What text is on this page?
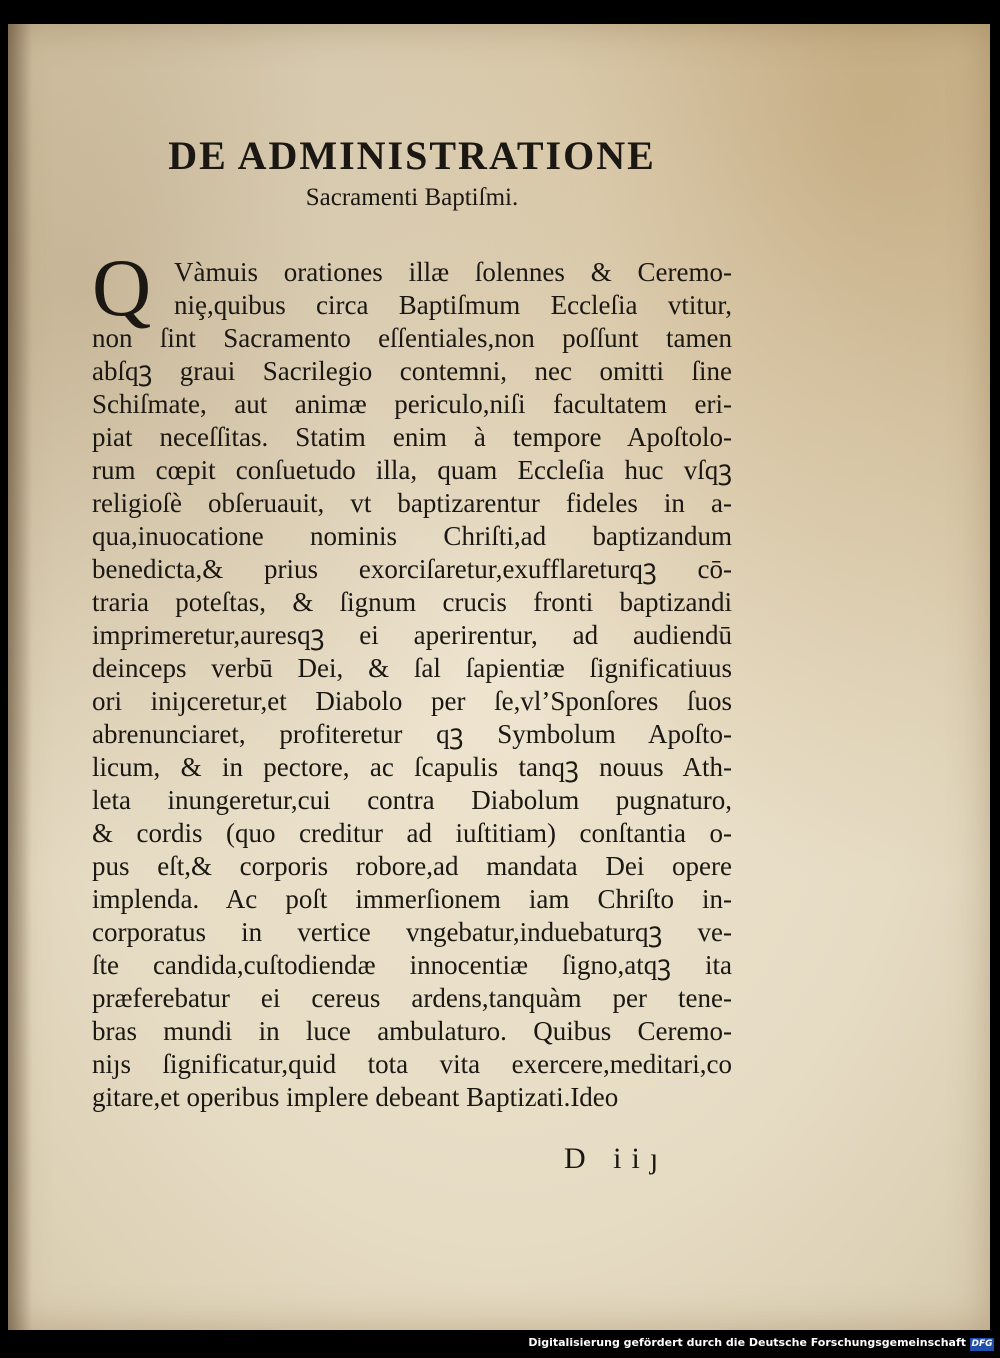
DE ADMINISTRATIONE
Sacramenti Baptiſmi.
Q Vàmuis orationes illæ ſolennes & Ceremo-
niȩ,quibus circa Baptiſmum Eccleſia vtitur,
non ſint Sacramento eſſentiales,non poſſunt tamen
abſqꝫ graui Sacrilegio contemni, nec omitti ſine
Schiſmate, aut animæ periculo,niſi facultatem eri-
piat neceſſitas. Statim enim à tempore Apoſtolo-
rum cœpit conſuetudo illa, quam Eccleſia huc vſqꝫ
religioſè obſeruauit, vt baptizarentur fideles in a-
qua,inuocatione nominis Chriſti,ad baptizandum
benedicta,& prius exorciſaretur,exufflareturqꝫ cō-
traria poteſtas, & ſignum crucis fronti baptizandi
imprimeretur,auresqꝫ ei aperirentur, ad audiendū
deinceps verbū Dei, & ſal ſapientiæ ſignificatiuus
ori iniȷceretur,et Diabolo per ſe,vl’Sponſores ſuos
abrenunciaret, profiteretur qꝫ Symbolum Apoſto-
licum, & in pectore, ac ſcapulis tanqꝫ nouus Ath-
leta inungeretur,cui contra Diabolum pugnaturo,
& cordis (quo creditur ad iuſtitiam) conſtantia o-
pus eſt,& corporis robore,ad mandata Dei opere
implenda. Ac poſt immerſionem iam Chriſto in-
corporatus in vertice vngebatur,induebaturqꝫ ve-
ſte candida,cuſtodiendæ innocentiæ ſigno,atqꝫ ita
præferebatur ei cereus ardens,tanquàm per tene-
bras mundi in luce ambulaturo. Quibus Ceremo-
niȷs ſignificatur,quid tota vita exercere,meditari,co
gitare,et operibus implere debeant Baptizati.Ideo
D iiȷ
Digitalisierung gefördert durch die Deutsche Forschungsgemeinschaft DFG
